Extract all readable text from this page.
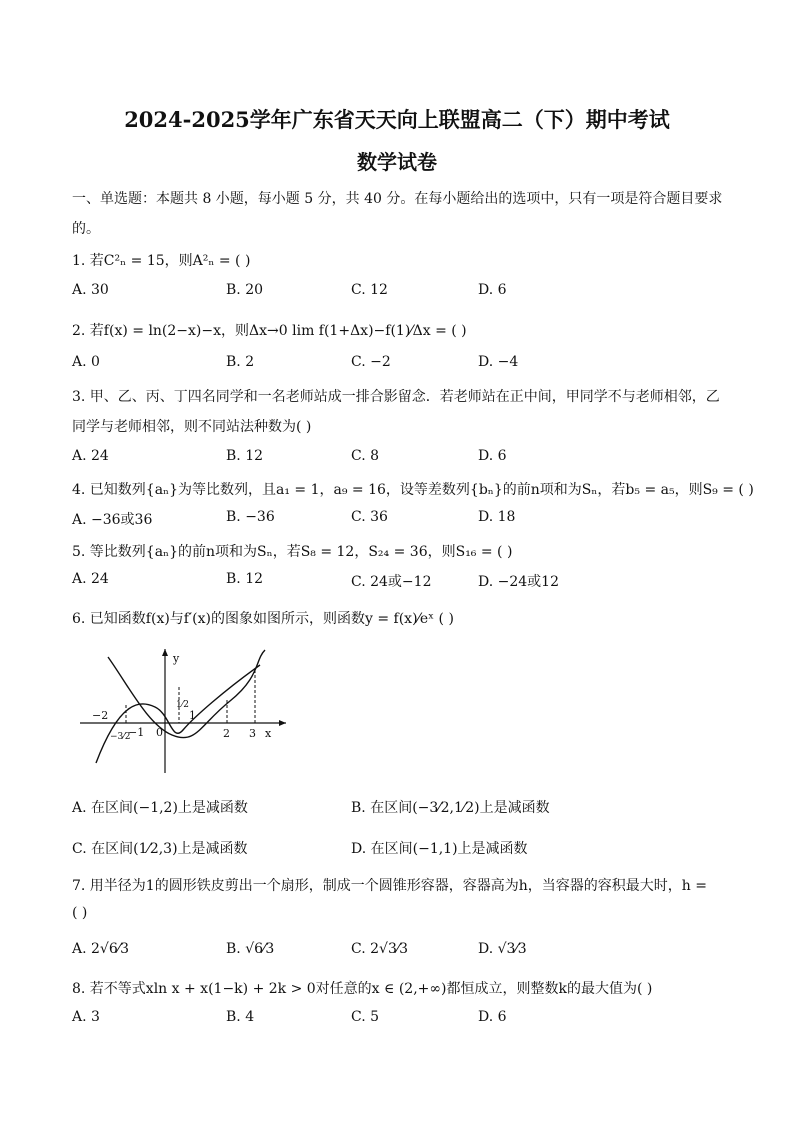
2024-2025学年广东省天天向上联盟高二（下）期中考试
数学试卷
一、单选题：本题共 8 小题，每小题 5 分，共 40 分。在每小题给出的选项中，只有一项是符合题目要求
的。
1. 若C²ₙ = 15，则A²ₙ = ( )
A. 30	B. 20	C. 12	D. 6
2. 若f(x) = ln(2−x)−x，则Δx→0 lim f(1+Δx)−f(1)⁄Δx = ( )
A. 0	B. 2	C. −2	D. −4
3. 甲、乙、丙、丁四名同学和一名老师站成一排合影留念．若老师站在正中间，甲同学不与老师相邻，乙
同学与老师相邻，则不同站法种数为( )
A. 24	B. 12	C. 8	D. 6
4. 已知数列{aₙ}为等比数列，且a₁ = 1，a₉ = 16，设等差数列{bₙ}的前n项和为Sₙ，若b₅ = a₅，则S₉ = ( )
A. −36或36	B. −36	C. 36	D. 18
5. 等比数列{aₙ}的前n项和为Sₙ，若S₈ = 12，S₂₄ = 36，则S₁₆ = ( )
A. 24	B. 12	C. 24或−12	D. −24或12
6. 已知函数f(x)与f′(x)的图象如图所示，则函数y = f(x)⁄eˣ ( )
y
x
0
−2
−3⁄2
−1
1⁄2
1
2 3
A. 在区间(−1,2)上是减函数	B. 在区间(−3⁄2,1⁄2)上是减函数
C. 在区间(1⁄2,3)上是减函数	D. 在区间(−1,1)上是减函数
7. 用半径为1的圆形铁皮剪出一个扇形，制成一个圆锥形容器，容器高为h，当容器的容积最大时，h =
( )
A. 2√6⁄3	B. √6⁄3	C. 2√3⁄3	D. √3⁄3
8. 若不等式xln x + x(1−k) + 2k > 0对任意的x ∈ (2,+∞)都恒成立，则整数k的最大值为( )
A. 3	B. 4	C. 5	D. 6
